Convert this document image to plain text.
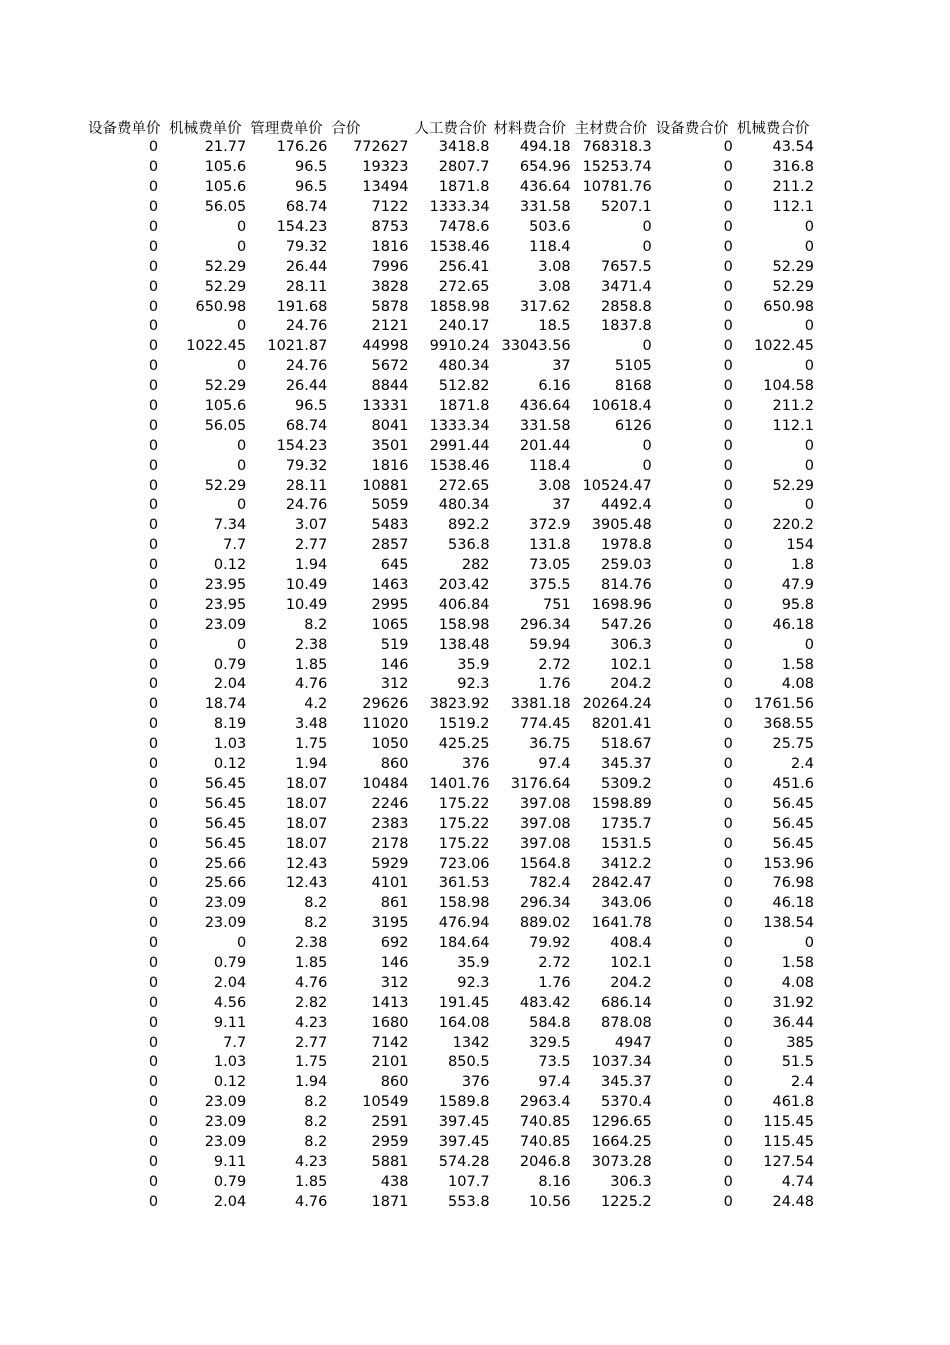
设备费单价	机械费单价	管理费单价	合价	人工费合价	材料费合价	主材费合价	设备费合价	机械费合价
0	21.77	176.26	772627	3418.8	494.18	768318.3	0	43.54
0	105.6	96.5	19323	2807.7	654.96	15253.74	0	316.8
0	105.6	96.5	13494	1871.8	436.64	10781.76	0	211.2
0	56.05	68.74	7122	1333.34	331.58	5207.1	0	112.1
0	0	154.23	8753	7478.6	503.6	0	0	0
0	0	79.32	1816	1538.46	118.4	0	0	0
0	52.29	26.44	7996	256.41	3.08	7657.5	0	52.29
0	52.29	28.11	3828	272.65	3.08	3471.4	0	52.29
0	650.98	191.68	5878	1858.98	317.62	2858.8	0	650.98
0	0	24.76	2121	240.17	18.5	1837.8	0	0
0	1022.45	1021.87	44998	9910.24	33043.56	0	0	1022.45
0	0	24.76	5672	480.34	37	5105	0	0
0	52.29	26.44	8844	512.82	6.16	8168	0	104.58
0	105.6	96.5	13331	1871.8	436.64	10618.4	0	211.2
0	56.05	68.74	8041	1333.34	331.58	6126	0	112.1
0	0	154.23	3501	2991.44	201.44	0	0	0
0	0	79.32	1816	1538.46	118.4	0	0	0
0	52.29	28.11	10881	272.65	3.08	10524.47	0	52.29
0	0	24.76	5059	480.34	37	4492.4	0	0
0	7.34	3.07	5483	892.2	372.9	3905.48	0	220.2
0	7.7	2.77	2857	536.8	131.8	1978.8	0	154
0	0.12	1.94	645	282	73.05	259.03	0	1.8
0	23.95	10.49	1463	203.42	375.5	814.76	0	47.9
0	23.95	10.49	2995	406.84	751	1698.96	0	95.8
0	23.09	8.2	1065	158.98	296.34	547.26	0	46.18
0	0	2.38	519	138.48	59.94	306.3	0	0
0	0.79	1.85	146	35.9	2.72	102.1	0	1.58
0	2.04	4.76	312	92.3	1.76	204.2	0	4.08
0	18.74	4.2	29626	3823.92	3381.18	20264.24	0	1761.56
0	8.19	3.48	11020	1519.2	774.45	8201.41	0	368.55
0	1.03	1.75	1050	425.25	36.75	518.67	0	25.75
0	0.12	1.94	860	376	97.4	345.37	0	2.4
0	56.45	18.07	10484	1401.76	3176.64	5309.2	0	451.6
0	56.45	18.07	2246	175.22	397.08	1598.89	0	56.45
0	56.45	18.07	2383	175.22	397.08	1735.7	0	56.45
0	56.45	18.07	2178	175.22	397.08	1531.5	0	56.45
0	25.66	12.43	5929	723.06	1564.8	3412.2	0	153.96
0	25.66	12.43	4101	361.53	782.4	2842.47	0	76.98
0	23.09	8.2	861	158.98	296.34	343.06	0	46.18
0	23.09	8.2	3195	476.94	889.02	1641.78	0	138.54
0	0	2.38	692	184.64	79.92	408.4	0	0
0	0.79	1.85	146	35.9	2.72	102.1	0	1.58
0	2.04	4.76	312	92.3	1.76	204.2	0	4.08
0	4.56	2.82	1413	191.45	483.42	686.14	0	31.92
0	9.11	4.23	1680	164.08	584.8	878.08	0	36.44
0	7.7	2.77	7142	1342	329.5	4947	0	385
0	1.03	1.75	2101	850.5	73.5	1037.34	0	51.5
0	0.12	1.94	860	376	97.4	345.37	0	2.4
0	23.09	8.2	10549	1589.8	2963.4	5370.4	0	461.8
0	23.09	8.2	2591	397.45	740.85	1296.65	0	115.45
0	23.09	8.2	2959	397.45	740.85	1664.25	0	115.45
0	9.11	4.23	5881	574.28	2046.8	3073.28	0	127.54
0	0.79	1.85	438	107.7	8.16	306.3	0	4.74
0	2.04	4.76	1871	553.8	10.56	1225.2	0	24.48
